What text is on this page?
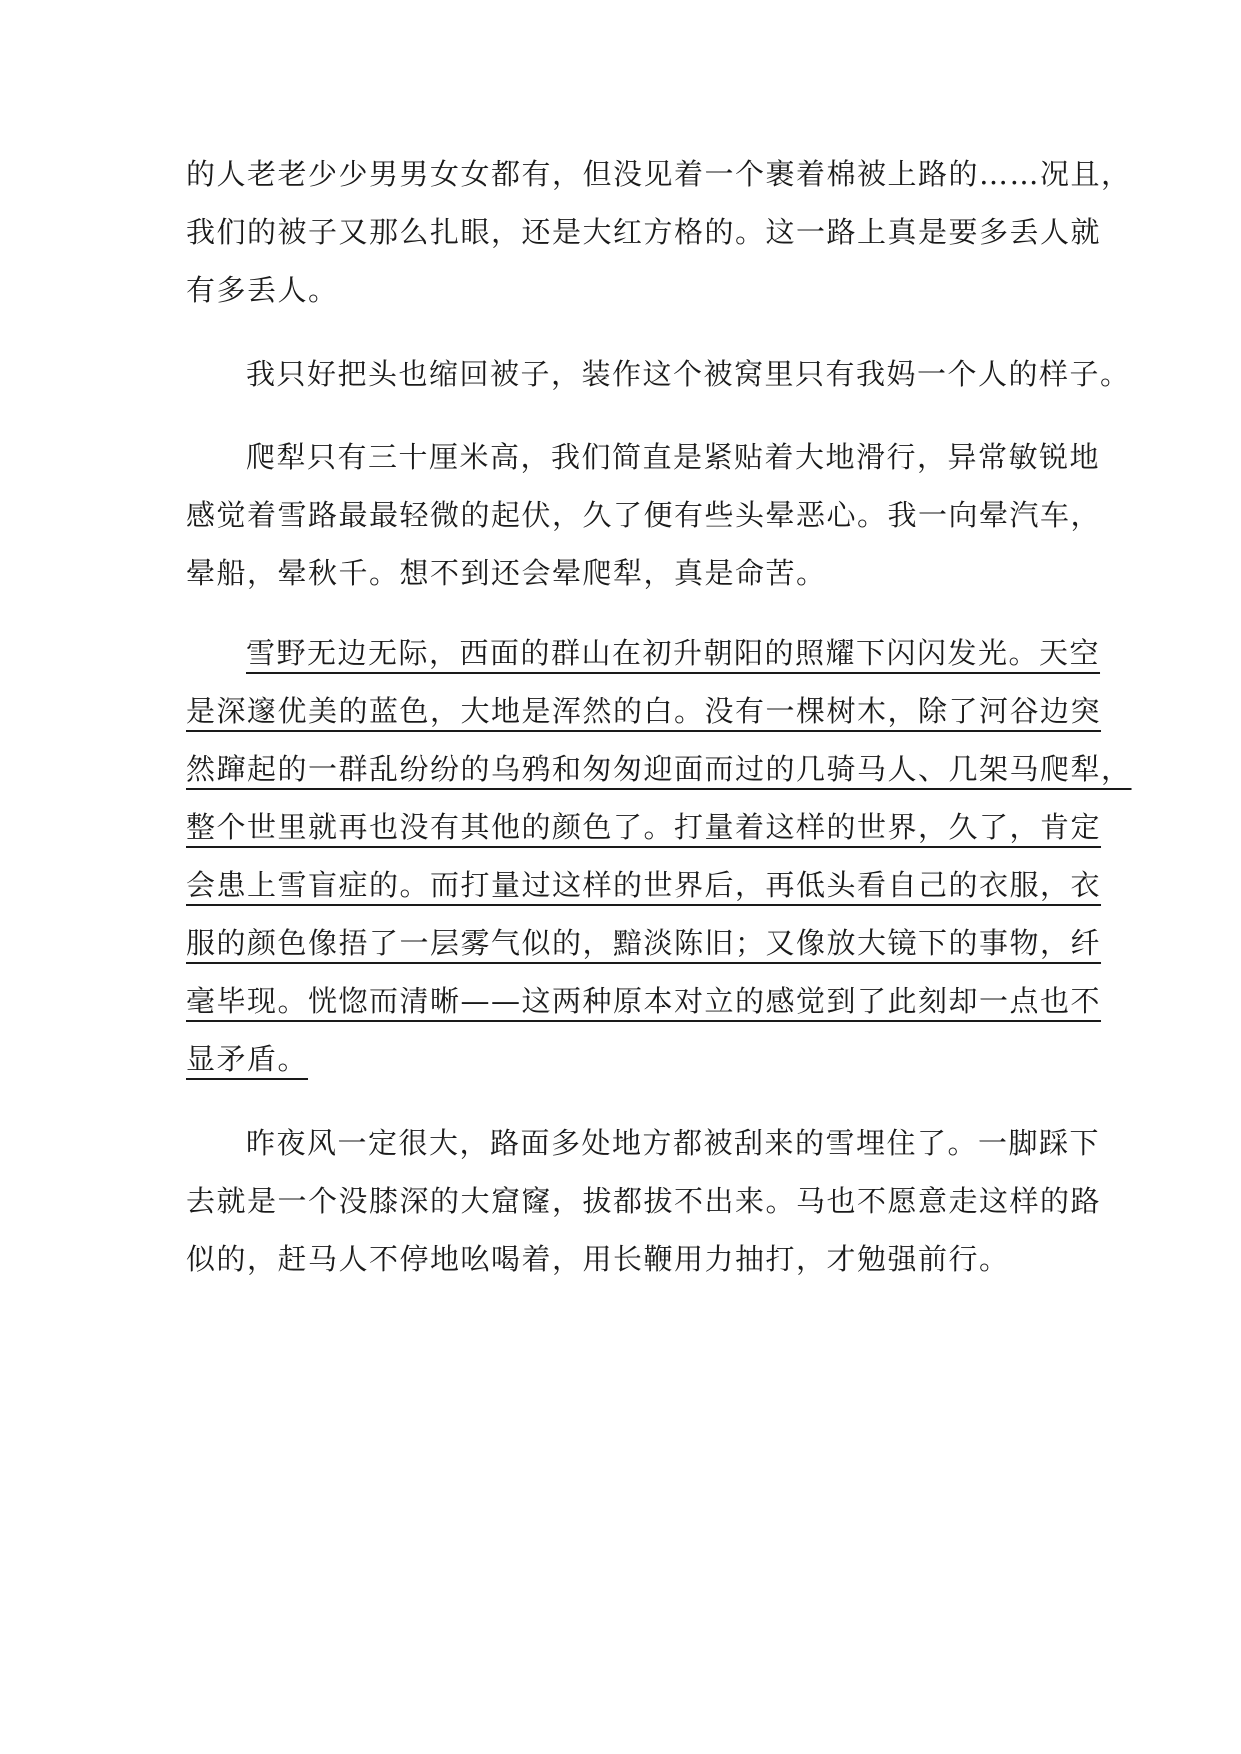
的人老老少少男男女女都有，但没见着一个裹着棉被上路的……况且，
我们的被子又那么扎眼，还是大红方格的。这一路上真是要多丢人就
有多丢人。
我只好把头也缩回被子，装作这个被窝里只有我妈一个人的样子。
爬犁只有三十厘米高，我们简直是紧贴着大地滑行，异常敏锐地
感觉着雪路最最轻微的起伏，久了便有些头晕恶心。我一向晕汽车，
晕船，晕秋千。想不到还会晕爬犁，真是命苦。
雪野无边无际，西面的群山在初升朝阳的照耀下闪闪发光。天空
是深邃优美的蓝色，大地是浑然的白。没有一棵树木，除了河谷边突
然蹿起的一群乱纷纷的乌鸦和匆匆迎面而过的几骑马人、几架马爬犁，
整个世里就再也没有其他的颜色了。打量着这样的世界，久了，肯定
会患上雪盲症的。而打量过这样的世界后，再低头看自己的衣服，衣
服的颜色像捂了一层雾气似的，黯淡陈旧；又像放大镜下的事物，纤
毫毕现。恍惚而清晰——这两种原本对立的感觉到了此刻却一点也不
显矛盾。
昨夜风一定很大，路面多处地方都被刮来的雪埋住了。一脚踩下
去就是一个没膝深的大窟窿，拔都拔不出来。马也不愿意走这样的路
似的，赶马人不停地吆喝着，用长鞭用力抽打，才勉强前行。
